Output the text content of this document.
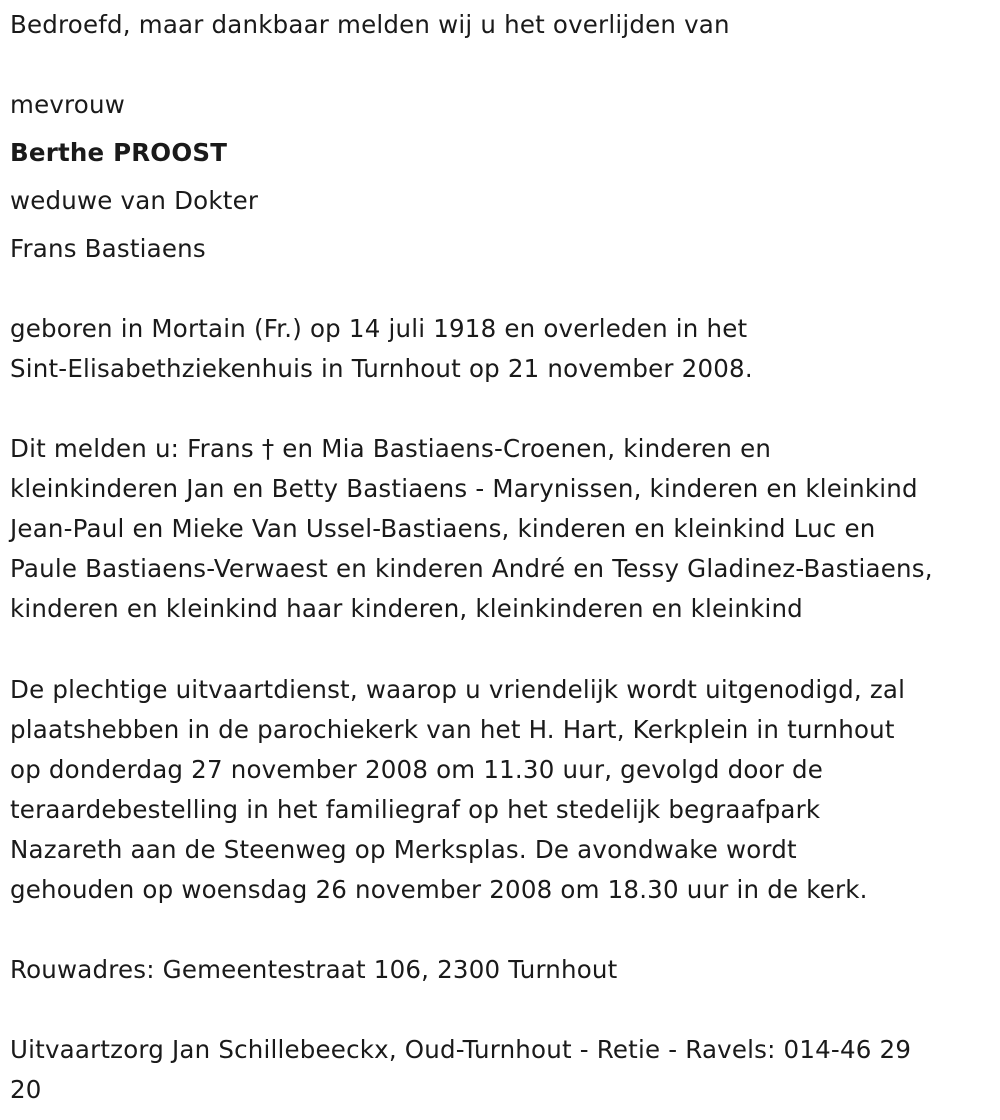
Bedroefd, maar dankbaar melden wij u het overlijden van
mevrouw
Berthe PROOST
weduwe van Dokter
Frans Bastiaens
geboren in Mortain (Fr.) op 14 juli 1918 en overleden in het
Sint-Elisabethziekenhuis in Turnhout op 21 november 2008.
Dit melden u: Frans † en Mia Bastiaens-Croenen, kinderen en
kleinkinderen Jan en Betty Bastiaens - Marynissen, kinderen en kleinkind
Jean-Paul en Mieke Van Ussel-Bastiaens, kinderen en kleinkind Luc en
Paule Bastiaens-Verwaest en kinderen André en Tessy Gladinez-Bastiaens,
kinderen en kleinkind haar kinderen, kleinkinderen en kleinkind
De plechtige uitvaartdienst, waarop u vriendelijk wordt uitgenodigd, zal
plaatshebben in de parochiekerk van het H. Hart, Kerkplein in turnhout
op donderdag 27 november 2008 om 11.30 uur, gevolgd door de
teraardebestelling in het familiegraf op het stedelijk begraafpark
Nazareth aan de Steenweg op Merksplas. De avondwake wordt
gehouden op woensdag 26 november 2008 om 18.30 uur in de kerk.
Rouwadres: Gemeentestraat 106, 2300 Turnhout
Uitvaartzorg Jan Schillebeeckx, Oud-Turnhout - Retie - Ravels: 014-46 29
20
